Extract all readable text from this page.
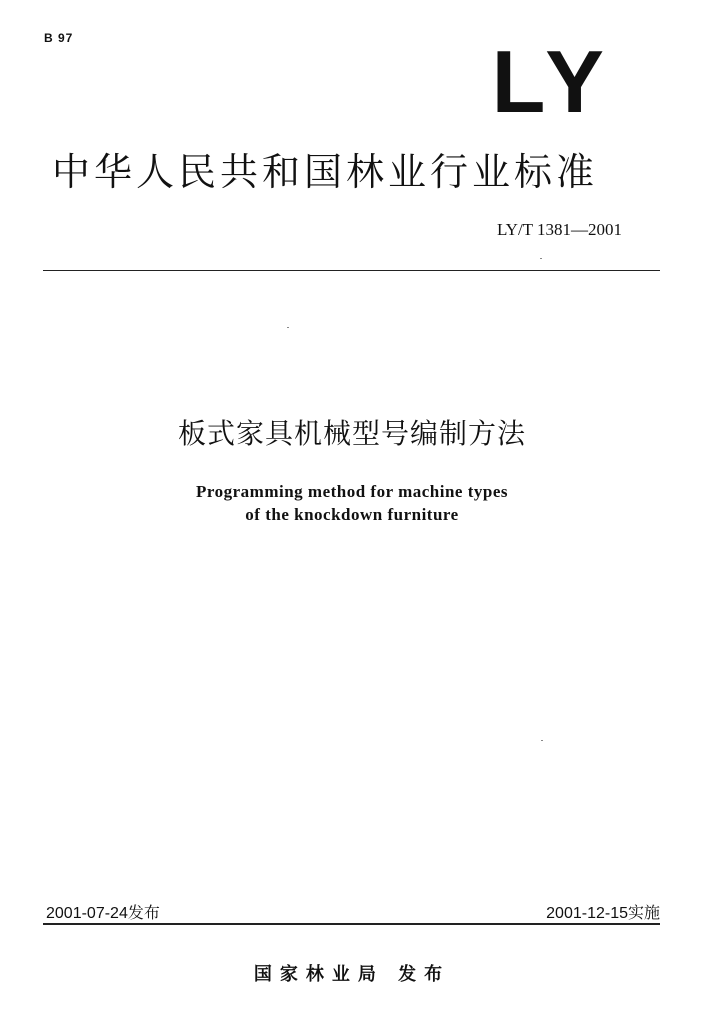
B 97	LY
中华人民共和国林业行业标准
LY/T 1381—2001
板式家具机械型号编制方法
Programming method for machine types
of the knockdown furniture
2001-07-24发布	2001-12-15实施
国家林业局 发布
